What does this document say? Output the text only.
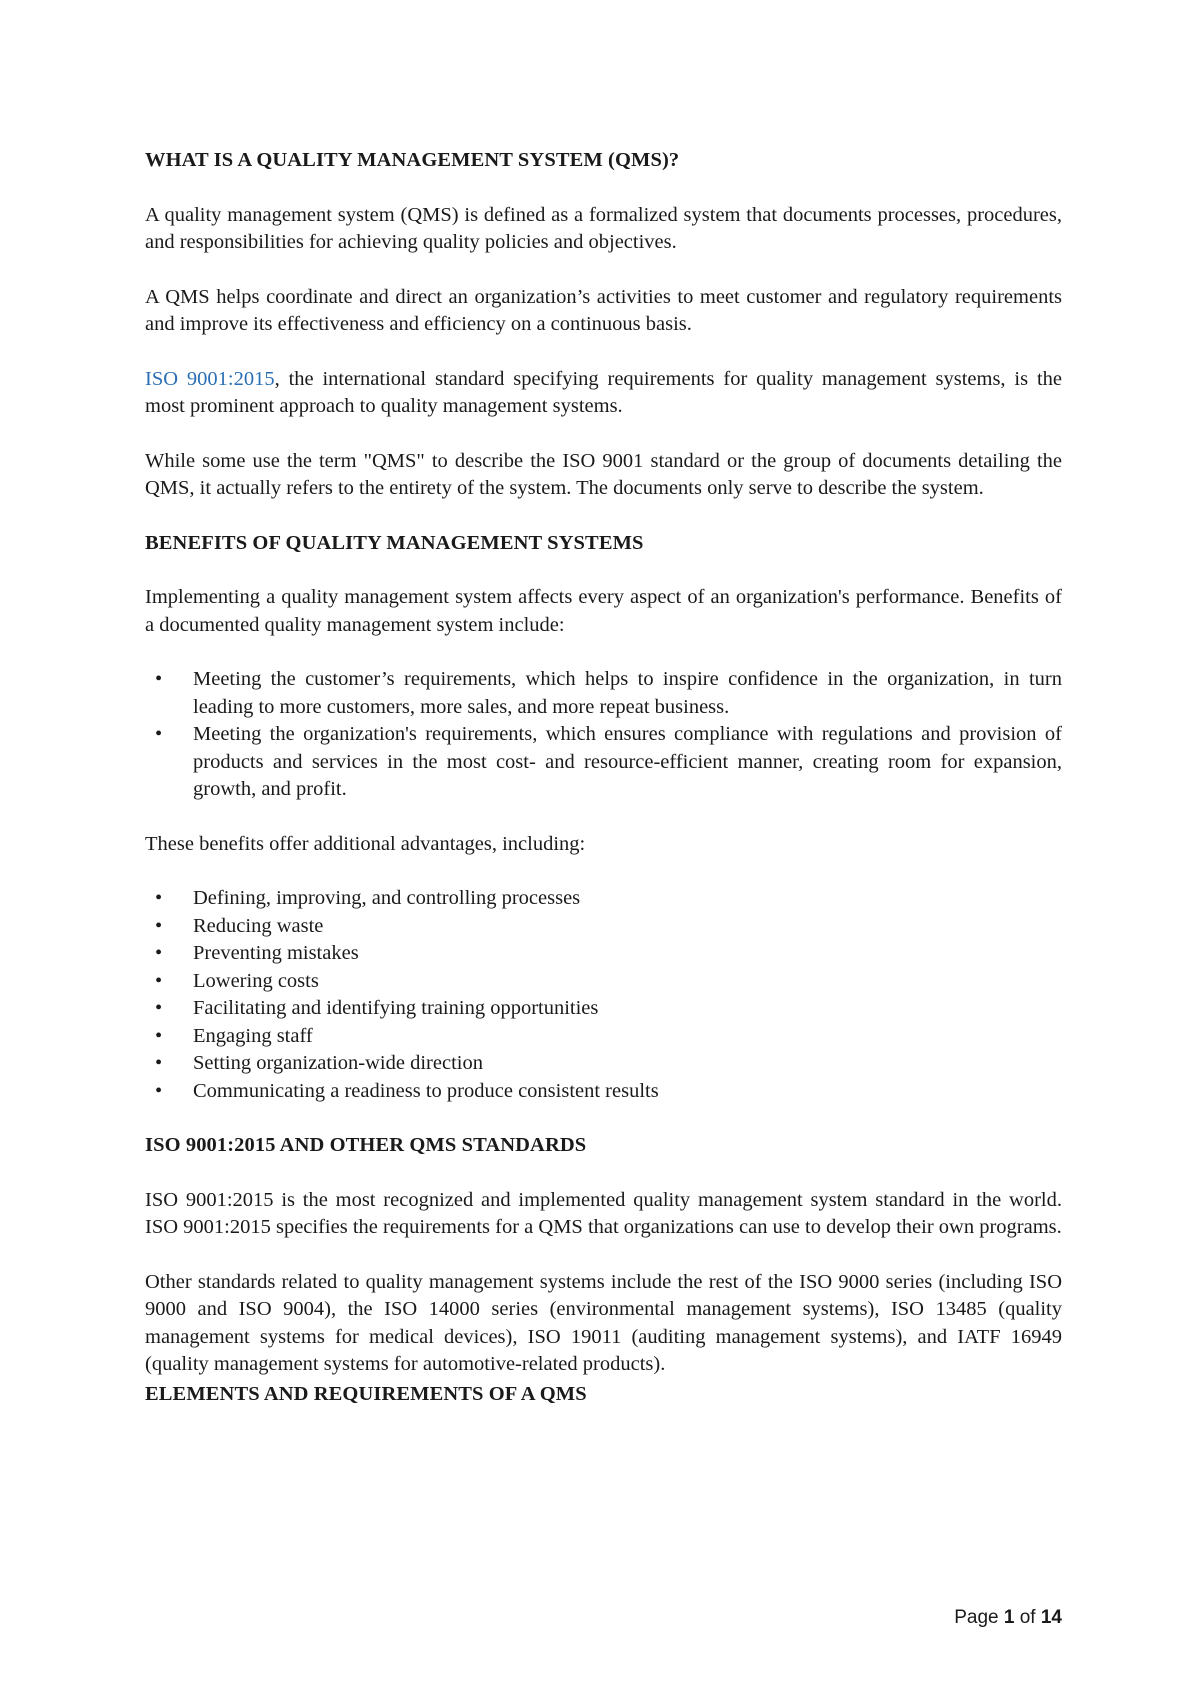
WHAT IS A QUALITY MANAGEMENT SYSTEM (QMS)?

A quality management system (QMS) is defined as a formalized system that documents processes, procedures, and responsibilities for achieving quality policies and objectives.

A QMS helps coordinate and direct an organization’s activities to meet customer and regulatory requirements and improve its effectiveness and efficiency on a continuous basis.

ISO 9001:2015, the international standard specifying requirements for quality management systems, is the most prominent approach to quality management systems.

While some use the term "QMS" to describe the ISO 9001 standard or the group of documents detailing the QMS, it actually refers to the entirety of the system. The documents only serve to describe the system.

BENEFITS OF QUALITY MANAGEMENT SYSTEMS

Implementing a quality management system affects every aspect of an organization's performance. Benefits of a documented quality management system include:

• Meeting the customer’s requirements, which helps to inspire confidence in the organization, in turn leading to more customers, more sales, and more repeat business.
• Meeting the organization's requirements, which ensures compliance with regulations and provision of products and services in the most cost- and resource-efficient manner, creating room for expansion, growth, and profit.

These benefits offer additional advantages, including:

• Defining, improving, and controlling processes
• Reducing waste
• Preventing mistakes
• Lowering costs
• Facilitating and identifying training opportunities
• Engaging staff
• Setting organization-wide direction
• Communicating a readiness to produce consistent results
ISO 9001:2015 AND OTHER QMS STANDARDS

ISO 9001:2015 is the most recognized and implemented quality management system standard in the world. ISO 9001:2015 specifies the requirements for a QMS that organizations can use to develop their own programs.

Other standards related to quality management systems include the rest of the ISO 9000 series (including ISO 9000 and ISO 9004), the ISO 14000 series (environmental management systems), ISO 13485 (quality management systems for medical devices), ISO 19011 (auditing management systems), and IATF 16949 (quality management systems for automotive-related products).

ELEMENTS AND REQUIREMENTS OF A QMS
Page 1 of 14
